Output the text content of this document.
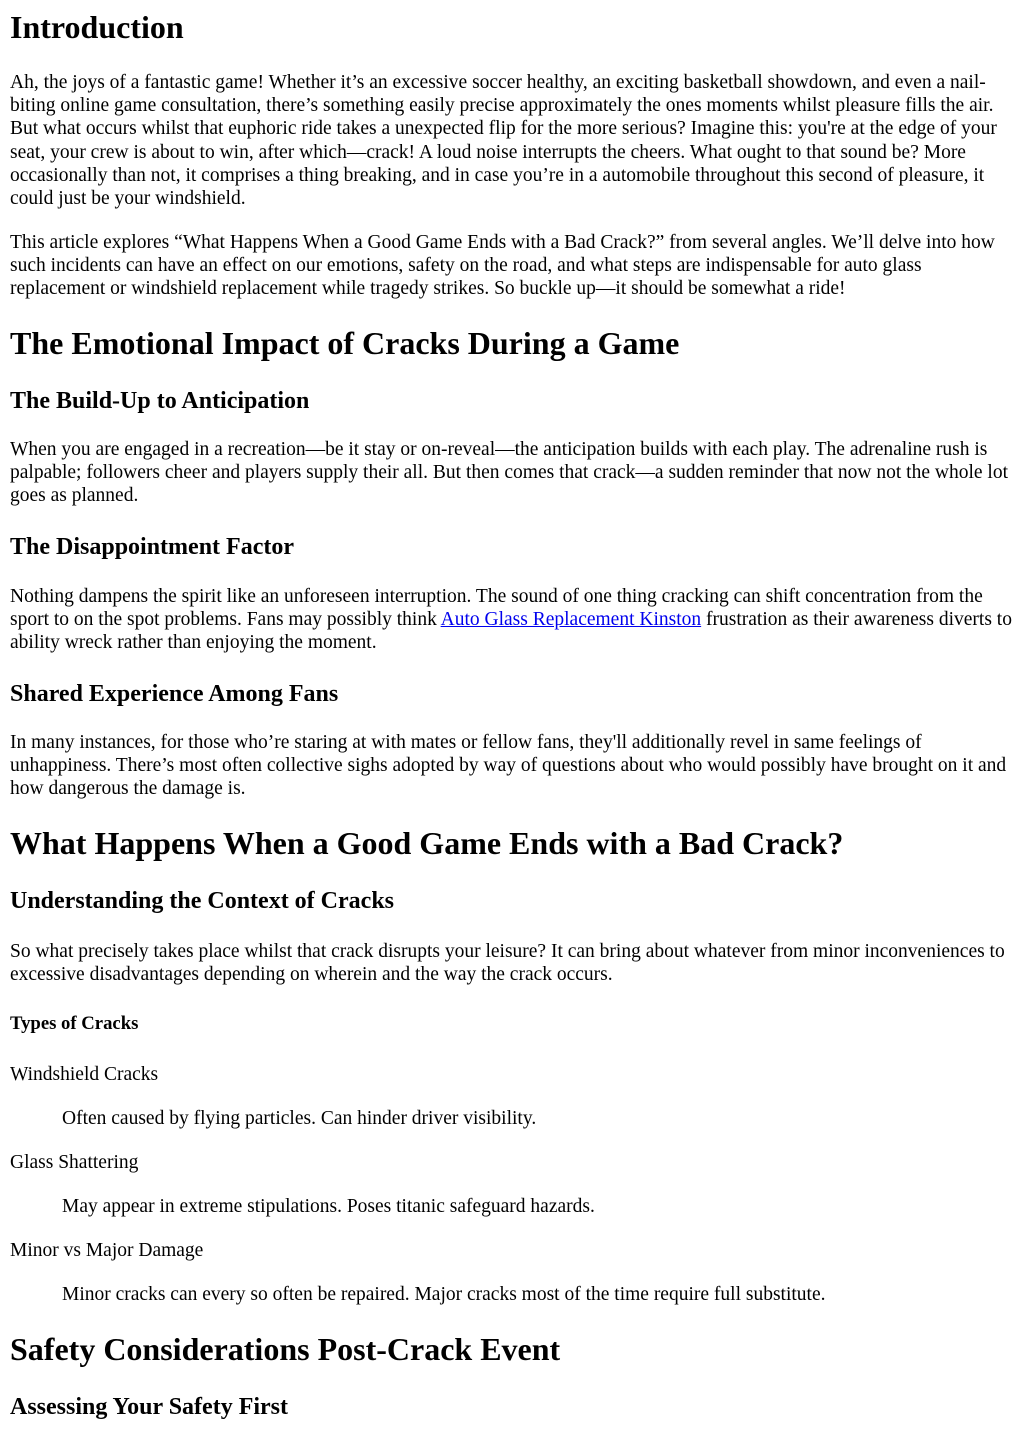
Introduction

Ah, the joys of a fantastic game! Whether it’s an excessive soccer healthy, an exciting basketball showdown, and even a nail-biting online game consultation, there’s something easily precise approximately the ones moments whilst pleasure fills the air. But what occurs whilst that euphoric ride takes a unexpected flip for the more serious? Imagine this: you're at the edge of your seat, your crew is about to win, after which—crack! A loud noise interrupts the cheers. What ought to that sound be? More occasionally than not, it comprises a thing breaking, and in case you’re in a automobile throughout this second of pleasure, it could just be your windshield.

This article explores “What Happens When a Good Game Ends with a Bad Crack?” from several angles. We’ll delve into how such incidents can have an effect on our emotions, safety on the road, and what steps are indispensable for auto glass replacement or windshield replacement while tragedy strikes. So buckle up—it should be somewhat a ride!

The Emotional Impact of Cracks During a Game
The Build-Up to Anticipation

When you are engaged in a recreation—be it stay or on-reveal—the anticipation builds with each play. The adrenaline rush is palpable; followers cheer and players supply their all. But then comes that crack—a sudden reminder that now not the whole lot goes as planned.

The Disappointment Factor

Nothing dampens the spirit like an unforeseen interruption. The sound of one thing cracking can shift concentration from the sport to on the spot problems. Fans may possibly think Auto Glass Replacement Kinston frustration as their awareness diverts to ability wreck rather than enjoying the moment.

Shared Experience Among Fans

In many instances, for those who’re staring at with mates or fellow fans, they'll additionally revel in same feelings of unhappiness. There’s most often collective sighs adopted by way of questions about who would possibly have brought on it and how dangerous the damage is.

What Happens When a Good Game Ends with a Bad Crack?
Understanding the Context of Cracks

So what precisely takes place whilst that crack disrupts your leisure? It can bring about whatever from minor inconveniences to excessive disadvantages depending on wherein and the way the crack occurs.

Types of Cracks

Windshield Cracks

Often caused by flying particles. Can hinder driver visibility.

Glass Shattering

May appear in extreme stipulations. Poses titanic safeguard hazards.

Minor vs Major Damage

Minor cracks can every so often be repaired. Major cracks most of the time require full substitute.

Safety Considerations Post-Crack Event
Assessing Your Safety First
